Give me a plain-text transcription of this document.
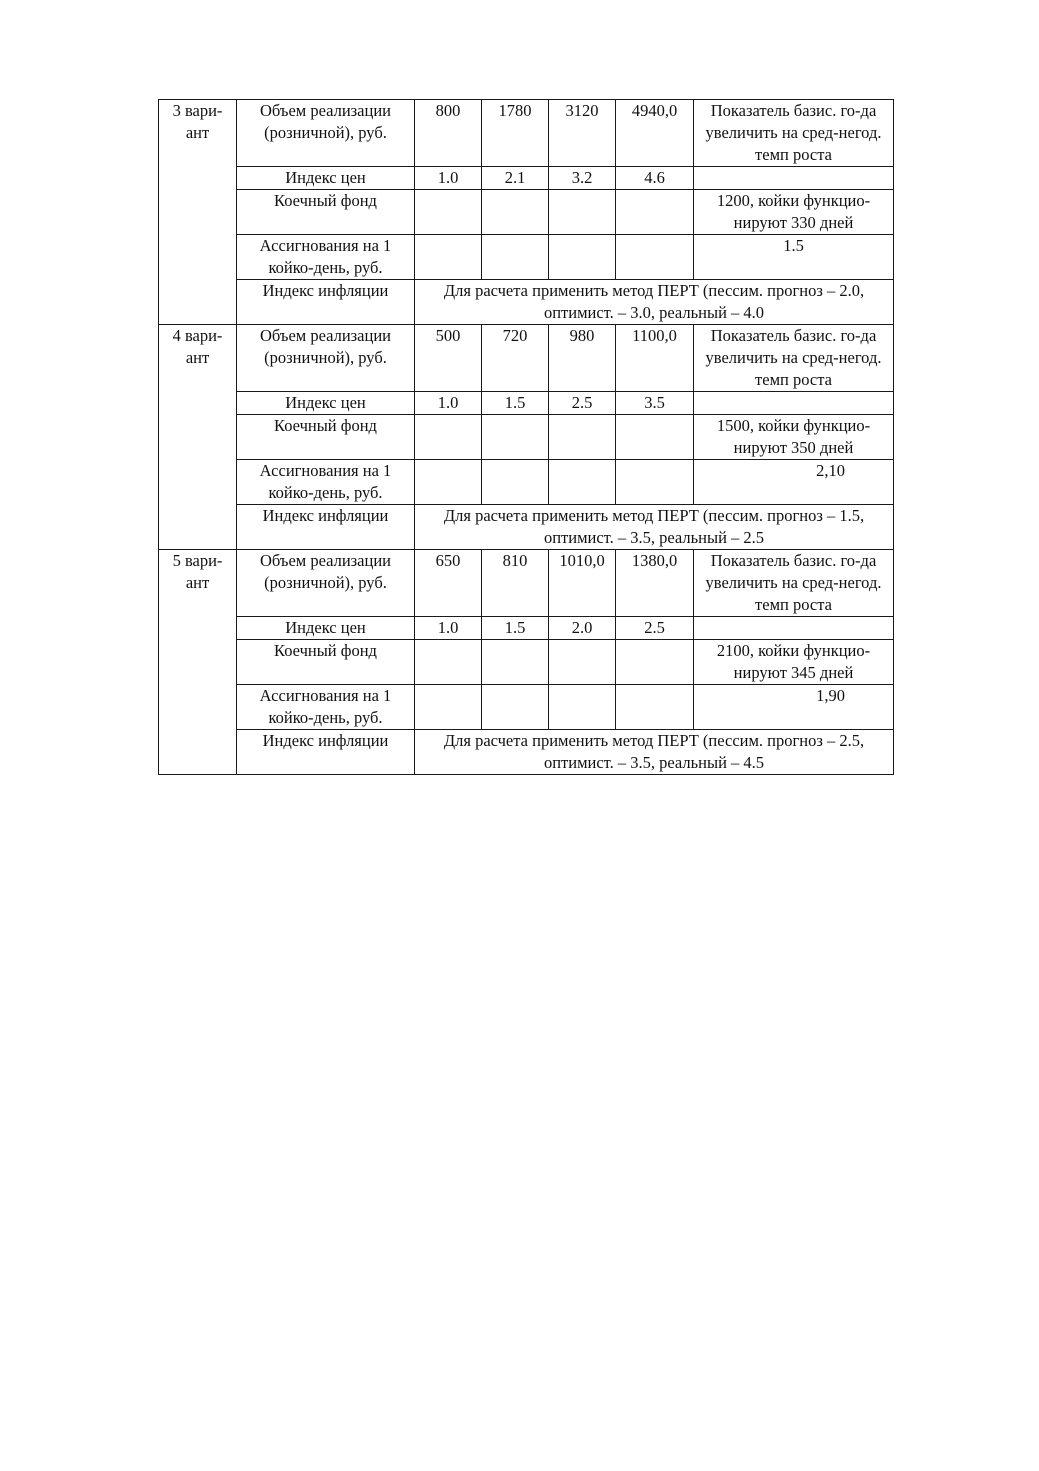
3 вари-ант	Объем реализации (розничной), руб.	800	1780	3120	4940,0	Показатель базис. го-да увеличить на сред-негод. темп роста
	Индекс цен	1.0	2.1	3.2	4.6	
	Коечный фонд					1200, койки функцио-нируют 330 дней
	Ассигнования на 1 койко-день, руб.					1.5
	Индекс инфляции	Для расчета применить метод ПЕРТ (пессим. прогноз – 2.0, оптимист. – 3.0, реальный – 4.0				
4 вари-ант	Объем реализации (розничной), руб.	500	720	980	1100,0	Показатель базис. го-да увеличить на сред-негод. темп роста
	Индекс цен	1.0	1.5	2.5	3.5	
	Коечный фонд					1500, койки функцио-нируют 350 дней
	Ассигнования на 1 койко-день, руб.					2,10
	Индекс инфляции	Для расчета применить метод ПЕРТ (пессим. прогноз – 1.5, оптимист. – 3.5, реальный – 2.5				
5 вари-ант	Объем реализации (розничной), руб.	650	810	1010,0	1380,0	Показатель базис. го-да увеличить на сред-негод. темп роста
	Индекс цен	1.0	1.5	2.0	2.5	
	Коечный фонд					2100, койки функцио-нируют 345 дней
	Ассигнования на 1 койко-день, руб.					1,90
	Индекс инфляции	Для расчета применить метод ПЕРТ (пессим. прогноз – 2.5, оптимист. – 3.5, реальный – 4.5				
